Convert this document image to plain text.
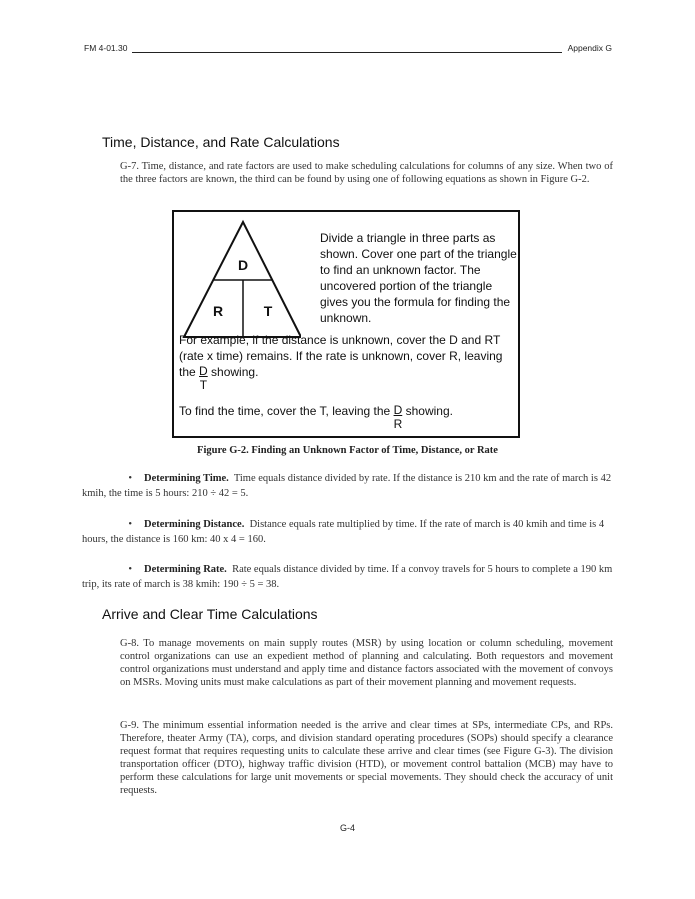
FM 4-01.30	Appendix G
Time, Distance, and Rate Calculations

G-7. Time, distance, and rate factors are used to make scheduling calculations for columns of any size. When two of the three factors are known, the third can be found by using one of following equations as shown in Figure G-2.

D
R	T

Divide a triangle in three parts as shown. Cover one part of the triangle to find an unknown factor. The uncovered portion of the triangle gives you the formula for finding the unknown.

For example, if the distance is unknown, cover the D and RT (rate x time) remains. If the rate is unknown, cover R, leaving the $\frac{D}{T}$ showing.

To find the time, cover the T, leaving the $\frac{D}{R}$ showing.

Figure G-2. Finding an Unknown Factor of Time, Distance, or Rate

• Determining Time. Time equals distance divided by rate. If the distance is 210 km and the rate of march is 42 kmih, the time is 5 hours: 210 ÷ 42 = 5.

• Determining Distance. Distance equals rate multiplied by time. If the rate of march is 40 kmih and time is 4 hours, the distance is 160 km: 40 x 4 = 160.

• Determining Rate. Rate equals distance divided by time. If a convoy travels for 5 hours to complete a 190 km trip, its rate of march is 38 kmih: 190 ÷ 5 = 38.

Arrive and Clear Time Calculations

G-8. To manage movements on main supply routes (MSR) by using location or column scheduling, movement control organizations can use an expedient method of planning and calculating. Both requestors and movement control organizations must understand and apply time and distance factors associated with the movement of convoys on MSRs. Moving units must make calculations as part of their movement planning and movement requests.

G-9. The minimum essential information needed is the arrive and clear times at SPs, intermediate CPs, and RPs. Therefore, theater Army (TA), corps, and division standard operating procedures (SOPs) should specify a clearance request format that requires requesting units to calculate these arrive and clear times (see Figure G-3). The division transportation officer (DTO), highway traffic division (HTD), or movement control battalion (MCB) may have to perform these calculations for large unit movements or special movements. They should check the accuracy of unit requests.

G-4
